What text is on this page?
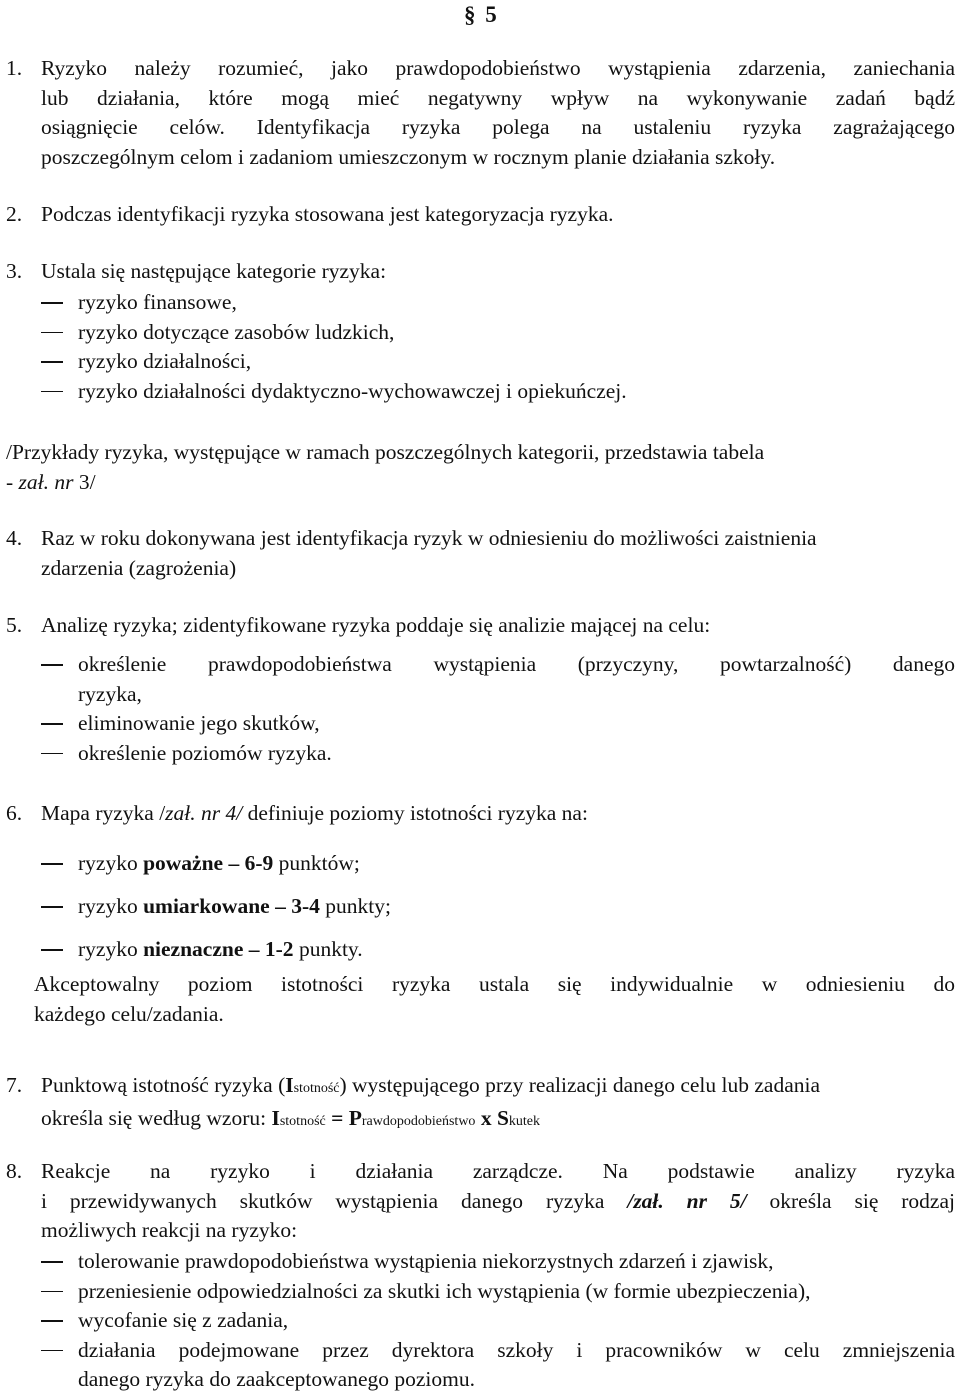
§ 5
1. Ryzyko należy rozumieć, jako prawdopodobieństwo wystąpienia zdarzenia, zaniechania
lub działania, które mogą mieć negatywny wpływ na wykonywanie zadań bądź
osiągnięcie celów. Identyfikacja ryzyka polega na ustaleniu ryzyka zagrażającego
poszczególnym celom i zadaniom umieszczonym w rocznym planie działania szkoły.
2. Podczas identyfikacji ryzyka stosowana jest kategoryzacja ryzyka.
3. Ustala się następujące kategorie ryzyka:
ryzyko finansowe,
ryzyko dotyczące zasobów ludzkich,
ryzyko działalności,
ryzyko działalności dydaktyczno-wychowawczej i opiekuńczej.
/Przykłady ryzyka, występujące w ramach poszczególnych kategorii, przedstawia tabela
- zał. nr 3/
4. Raz w roku dokonywana jest identyfikacja ryzyk w odniesieniu do możliwości zaistnienia
zdarzenia (zagrożenia)
5. Analizę ryzyka; zidentyfikowane ryzyka poddaje się analizie mającej na celu:
określenie prawdopodobieństwa wystąpienia (przyczyny, powtarzalność) danego
ryzyka,
eliminowanie jego skutków,
określenie poziomów ryzyka.
6. Mapa ryzyka /zał. nr 4/ definiuje poziomy istotności ryzyka na:
ryzyko poważne – 6-9 punktów;
ryzyko umiarkowane – 3-4 punkty;
ryzyko nieznaczne – 1-2 punkty.
Akceptowalny poziom istotności ryzyka ustala się indywidualnie w odniesieniu do
każdego celu/zadania.
7. Punktową istotność ryzyka (Istotność) występującego przy realizacji danego celu lub zadania
określa się według wzoru: Istotność = Prawdopodobieństwo x Skutek
8. Reakcje na ryzyko i działania zarządcze. Na podstawie analizy ryzyka
i przewidywanych skutków wystąpienia danego ryzyka /zał. nr 5/ określa się rodzaj
możliwych reakcji na ryzyko:
tolerowanie prawdopodobieństwa wystąpienia niekorzystnych zdarzeń i zjawisk,
przeniesienie odpowiedzialności za skutki ich wystąpienia (w formie ubezpieczenia),
wycofanie się z zadania,
działania podejmowane przez dyrektora szkoły i pracowników w celu zmniejszenia
danego ryzyka do zaakceptowanego poziomu.
